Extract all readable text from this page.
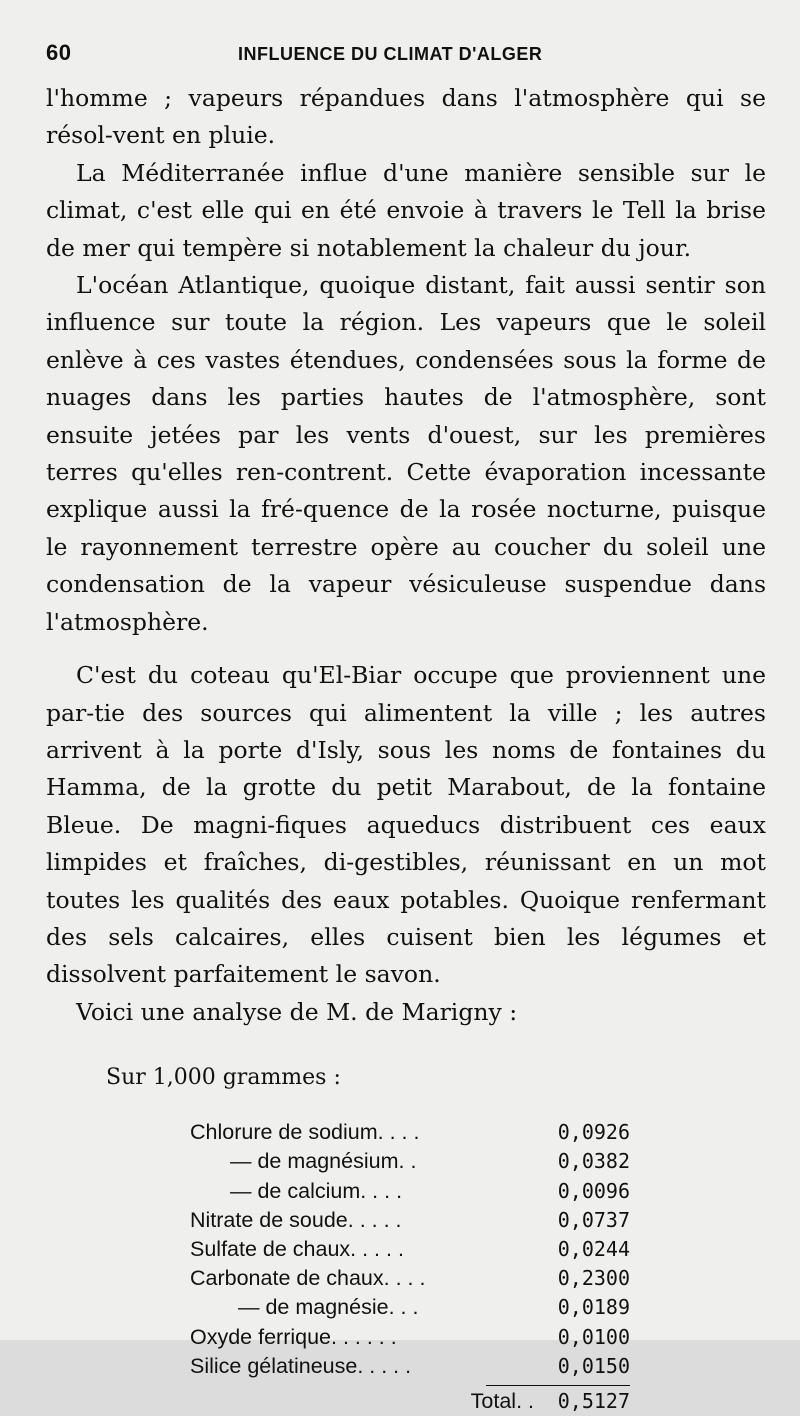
60	INFLUENCE DU CLIMAT D'ALGER

l'homme ; vapeurs répandues dans l'atmosphère qui se résol-vent en pluie.

La Méditerranée influe d'une manière sensible sur le climat, c'est elle qui en été envoie à travers le Tell la brise de mer qui tempère si notablement la chaleur du jour.

L'océan Atlantique, quoique distant, fait aussi sentir son influence sur toute la région. Les vapeurs que le soleil enlève à ces vastes étendues, condensées sous la forme de nuages dans les parties hautes de l'atmosphère, sont ensuite jetées par les vents d'ouest, sur les premières terres qu'elles ren-contrent. Cette évaporation incessante explique aussi la fré-quence de la rosée nocturne, puisque le rayonnement terrestre opère au coucher du soleil une condensation de la vapeur vésiculeuse suspendue dans l'atmosphère.

C'est du coteau qu'El-Biar occupe que proviennent une par-tie des sources qui alimentent la ville ; les autres arrivent à la porte d'Isly, sous les noms de fontaines du Hamma, de la grotte du petit Marabout, de la fontaine Bleue. De magni-fiques aqueducs distribuent ces eaux limpides et fraîches, di-gestibles, réunissant en un mot toutes les qualités des eaux potables. Quoique renfermant des sels calcaires, elles cuisent bien les légumes et dissolvent parfaitement le savon.

Voici une analyse de M. de Marigny :

Sur 1,000 grammes :
Chlorure de sodium. . . .	0,0926
— de magnésium. .	0,0382
— de calcium. . . .	0,0096
Nitrate de soude. . . . .	0,0737
Sulfate de chaux. . . . .	0,0244
Carbonate de chaux. . . .	0,2300
— de magnésie. . .	0,0189
Oxyde ferrique. . . . . .	0,0100
Silice gélatineuse. . . . .	0,0150
Total. .	0,5127
